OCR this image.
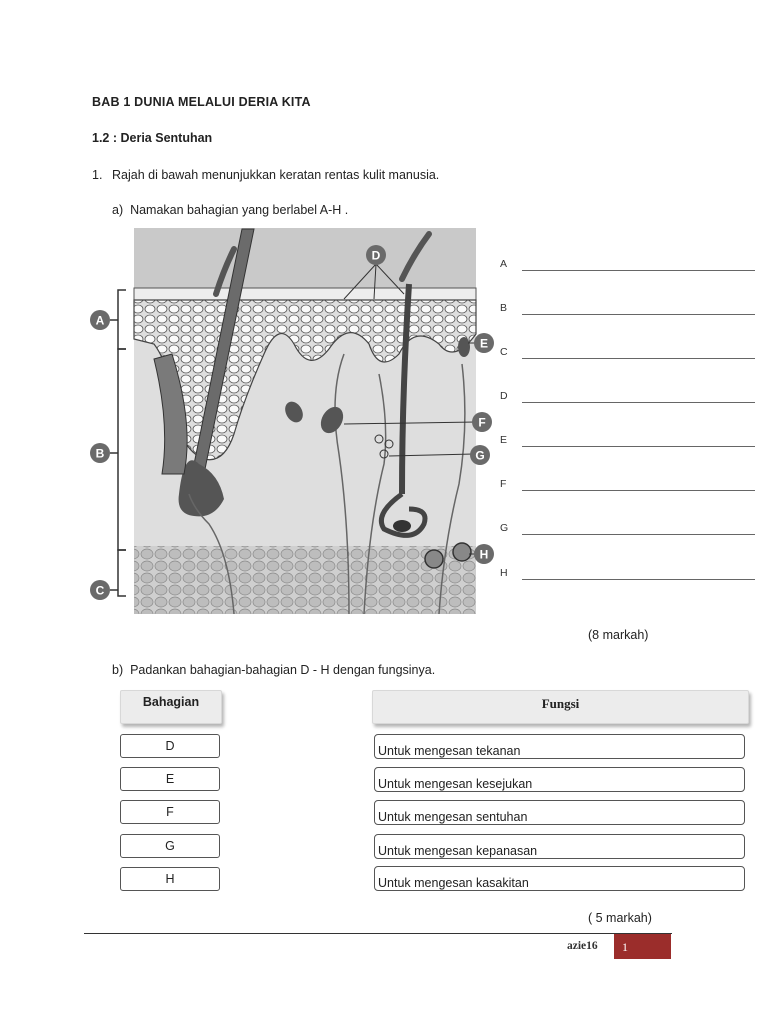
BAB 1 DUNIA MELALUI DERIA KITA
1.2 : Deria Sentuhan
1. Rajah di bawah menunjukkan keratan rentas kulit manusia.
a) Namakan bahagian yang berlabel A-H .
A
B
C
D
E
F
G
H
A
B
C
D
E
F
G
H
(8 markah)
b) Padankan bahagian-bahagian D - H dengan fungsinya.
Bahagian	Fungsi
D
E
F
G
H
Untuk mengesan tekanan
Untuk mengesan kesejukan
Untuk mengesan sentuhan
Untuk mengesan kepanasan
Untuk mengesan kasakitan
( 5 markah)
azie16	1
